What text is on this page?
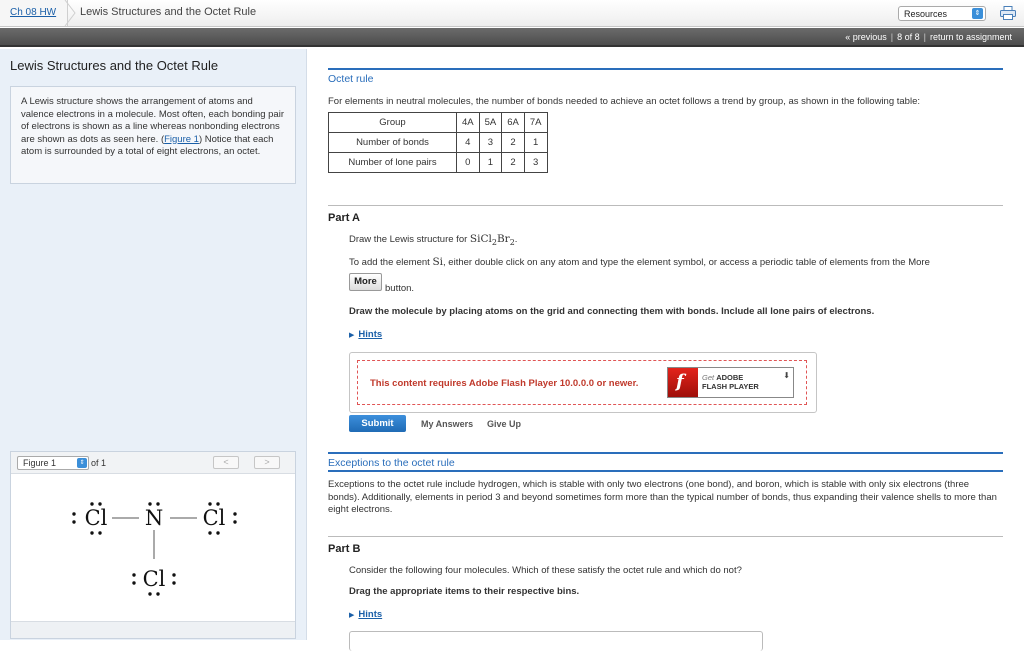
Ch 08 HW Lewis Structures and the Octet Rule	Resources	⇕
« previous | 8 of 8 | return to assignment
Lewis Structures and the Octet Rule
A Lewis structure shows the arrangement of atoms and valence electrons in a molecule. Most often, each bonding pair of electrons is shown as a line whereas nonbonding electrons are shown as dots as seen here. (Figure 1) Notice that each atom is surrounded by a total of eight electrons, an octet.
Figure 1	⇕ of 1	<	>
Cl N Cl
Cl
Octet rule
For elements in neutral molecules, the number of bonds needed to achieve an octet follows a trend by group, as shown in the following table:
Group	4A	5A	6A	7A
Number of bonds	4	3	2	1
Number of lone pairs	0	1	2	3
Part A
Draw the Lewis structure for $SiCl_2Br_2$.
To add the element Si, either double click on any atom and type the element symbol, or access a periodic table of elements from the More
More
button.
Draw the molecule by placing atoms on the grid and connecting them with bonds. Include all lone pairs of electrons.
▶ Hints
This content requires Adobe Flash Player 10.0.0.0 or newer. f Get ADOBE
FLASH PLAYER
⬇
Submit	My Answers Give Up
Exceptions to the octet rule
Exceptions to the octet rule include hydrogen, which is stable with only two electrons (one bond), and boron, which is stable with only six electrons (three bonds). Additionally, elements in period 3 and beyond sometimes form more than the typical number of bonds, thus expanding their valence shells to more than eight electrons.
Part B
Consider the following four molecules. Which of these satisfy the octet rule and which do not?
Drag the appropriate items to their respective bins.
▶ Hints
